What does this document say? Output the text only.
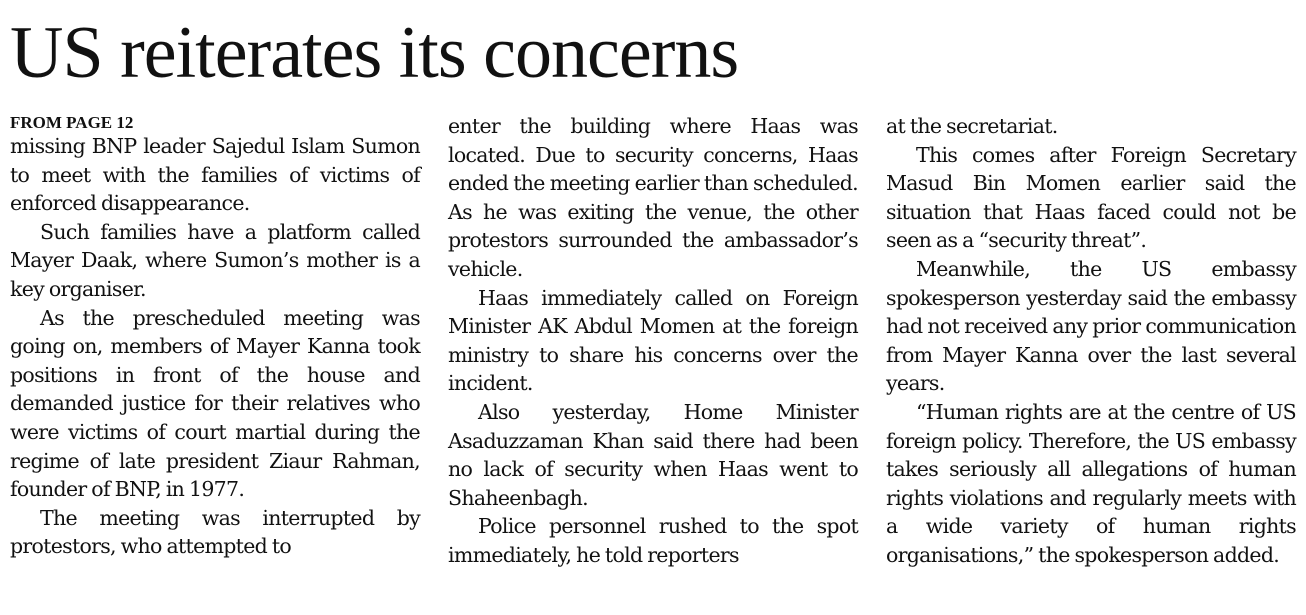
US reiterates its concerns
FROM PAGE 12

missing BNP leader Sajedul Islam Sumon to meet with the families of victims of enforced disappearance.

Such families have a platform called Mayer Daak, where Sumon’s mother is a key organiser.

As the prescheduled meeting was going on, members of Mayer Kanna took positions in front of the house and demanded justice for their relatives who were victims of court martial during the regime of late president Ziaur Rahman, founder of BNP, in 1977.

The meeting was interrupted by protestors, who attempted to

enter the building where Haas was located. Due to security concerns, Haas ended the meeting earlier than scheduled. As he was exiting the venue, the other protestors surrounded the ambassador’s vehicle.

Haas immediately called on Foreign Minister AK Abdul Momen at the foreign ministry to share his concerns over the incident.

Also yesterday, Home Minister Asaduzzaman Khan said there had been no lack of security when Haas went to Shaheenbagh.

Police personnel rushed to the spot immediately, he told reporters

at the secretariat.

This comes after Foreign Secretary Masud Bin Momen earlier said the situation that Haas faced could not be seen as a “security threat”.

Meanwhile, the US embassy spokesperson yesterday said the embassy had not received any prior communication from Mayer Kanna over the last several years.

“Human rights are at the centre of US foreign policy. Therefore, the US embassy takes seriously all allegations of human rights violations and regularly meets with a wide variety of human rights organisations,” the spokesperson added.
